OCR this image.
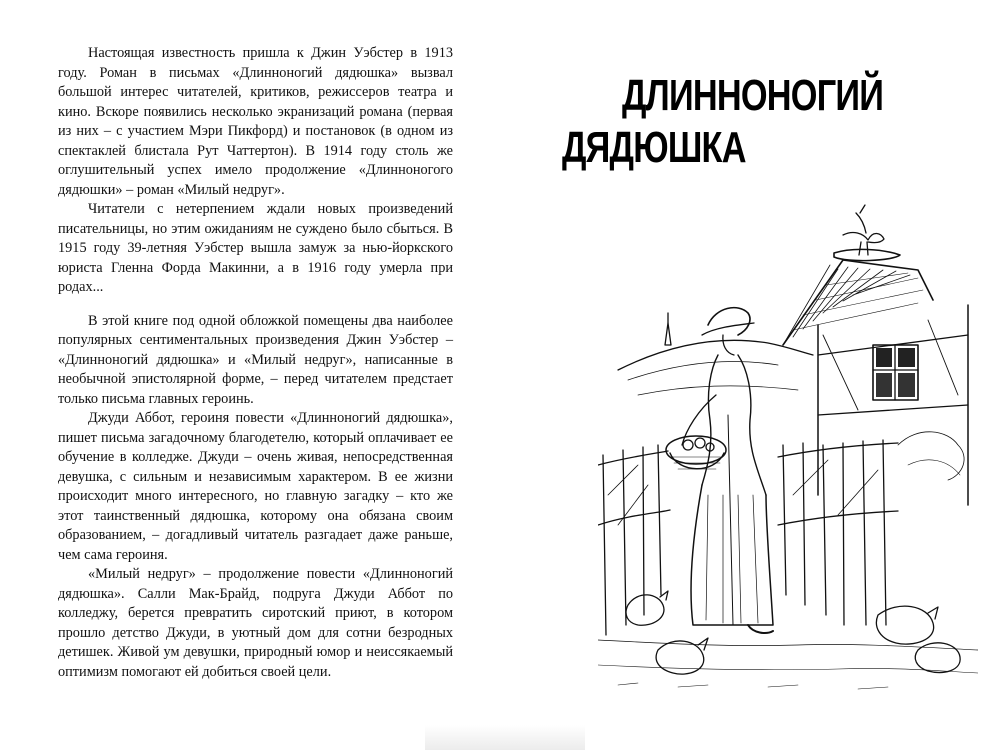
Настоящая известность пришла к Джин Уэбстер в 1913 году. Роман в письмах «Длинноногий дядюшка» вызвал большой интерес читателей, критиков, режиссеров театра и кино. Вскоре появились несколько экранизаций романа (первая из них – с участием Мэри Пикфорд) и постановок (в одном из спектаклей блистала Рут Чаттертон). В 1914 году столь же оглушительный успех имело продолжение «Длинноногого дядюшки» – роман «Милый недруг».

Читатели с нетерпением ждали новых произведений писательницы, но этим ожиданиям не суждено было сбыться. В 1915 году 39-летняя Уэбстер вышла замуж за нью-йоркского юриста Гленна Форда Макинни, а в 1916 году умерла при родах...

В этой книге под одной обложкой помещены два наиболее популярных сентиментальных произведения Джин Уэбстер – «Длинноногий дядюшка» и «Милый недруг», написанные в необычной эпистолярной форме, – перед читателем предстает только письма главных героинь.

Джуди Аббот, героиня повести «Длинноногий дядюшка», пишет письма загадочному благодетелю, который оплачивает ее обучение в колледже. Джуди – очень живая, непосредственная девушка, с сильным и независимым характером. В ее жизни происходит много интересного, но главную загадку – кто же этот таинственный дядюшка, которому она обязана своим образованием, – догадливый читатель разгадает даже раньше, чем сама героиня.

«Милый недруг» – продолжение повести «Длинноногий дядюшка». Салли Мак-Брайд, подруга Джуди Аббот по колледжу, берется превратить сиротский приют, в котором прошло детство Джуди, в уютный дом для сотни безродных детишек. Живой ум девушки, природный юмор и неиссякаемый оптимизм помогают ей добиться своей цели.

ДЛИННОНОГИЙ
ДЯДЮШКА
